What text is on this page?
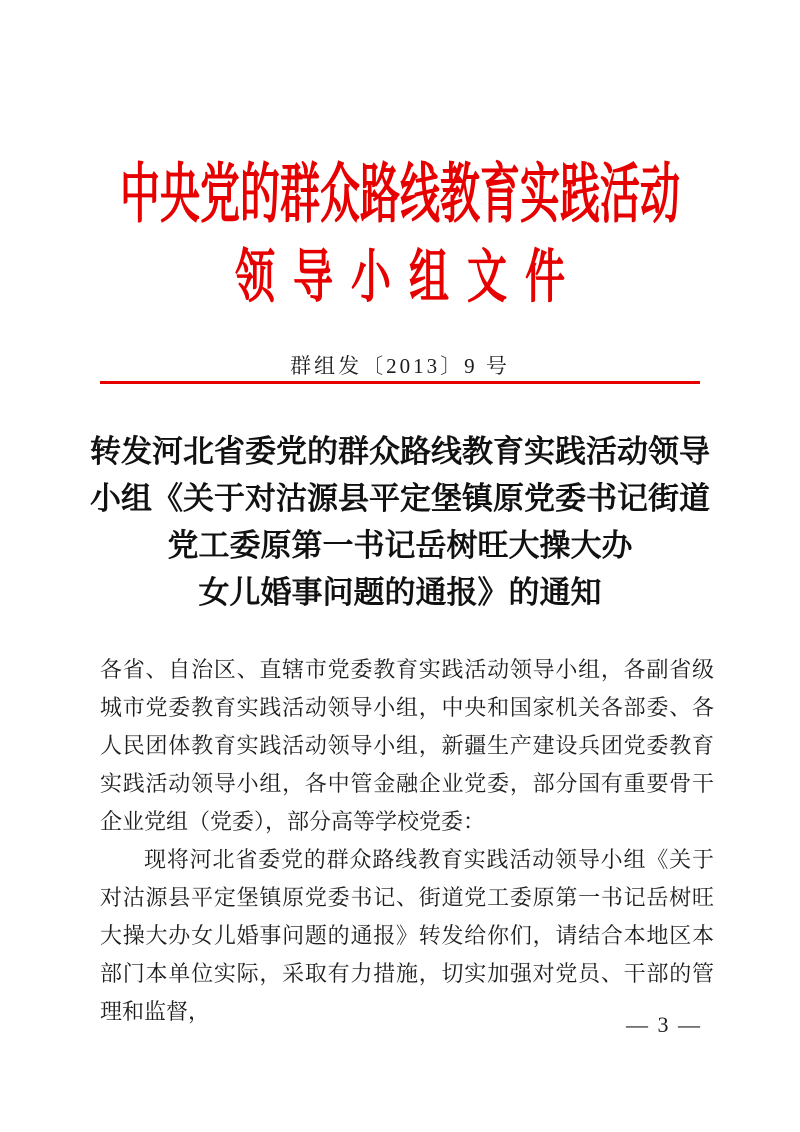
中央党的群众路线教育实践活动
领导小组文件
群组发〔2013〕9 号
转发河北省委党的群众路线教育实践活动领导
小组《关于对沽源县平定堡镇原党委书记街道
党工委原第一书记岳树旺大操大办
女儿婚事问题的通报》的通知

各省、自治区、直辖市党委教育实践活动领导小组，各副省级城市党委教育实践活动领导小组，中央和国家机关各部委、各人民团体教育实践活动领导小组，新疆生产建设兵团党委教育实践活动领导小组，各中管金融企业党委，部分国有重要骨干企业党组（党委），部分高等学校党委：

现将河北省委党的群众路线教育实践活动领导小组《关于对沽源县平定堡镇原党委书记、街道党工委原第一书记岳树旺大操大办女儿婚事问题的通报》转发给你们，请结合本地区本部门本单位实际，采取有力措施，切实加强对党员、干部的管理和监督，

— 3 —
